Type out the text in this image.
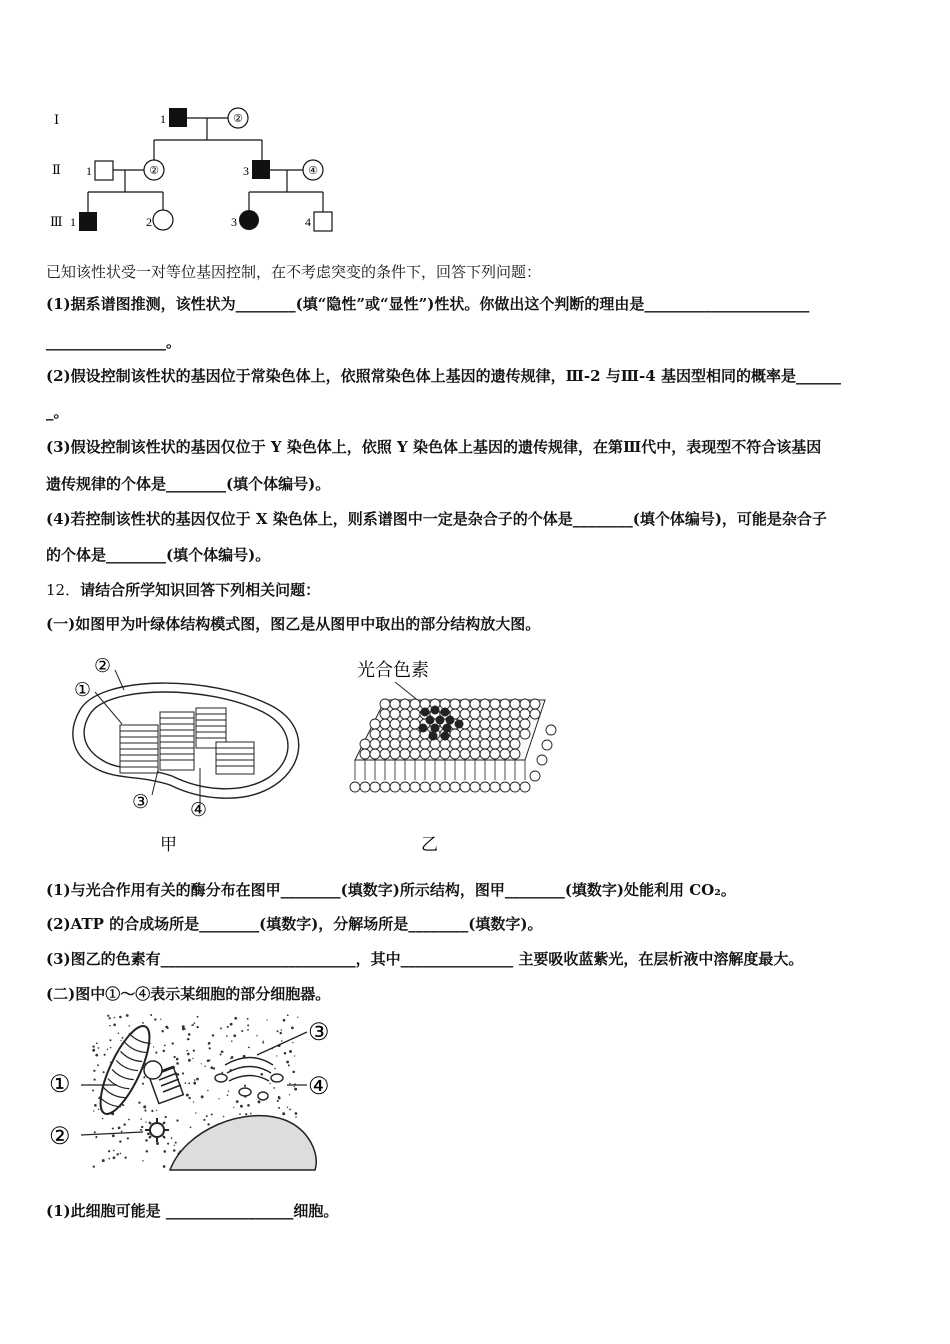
Ⅰ
Ⅱ
Ⅲ
1	②
1	②	3	④
1	2	3	4
已知该性状受一对等位基因控制，在不考虑突变的条件下，回答下列问题：
(1)据系谱图推测，该性状为________(填“隐性”或“显性”)性状。你做出这个判断的理由是______________________
________________。
(2)假设控制该性状的基因位于常染色体上，依照常染色体上基因的遗传规律，Ⅲ-2 与Ⅲ-4 基因型相同的概率是______
_。
(3)假设控制该性状的基因仅位于 Y 染色体上，依照 Y 染色体上基因的遗传规律，在第Ⅲ代中，表现型不符合该基因
遗传规律的个体是________(填个体编号)。
(4)若控制该性状的基因仅位于 X 染色体上，则系谱图中一定是杂合子的个体是________(填个体编号)，可能是杂合子
的个体是________(填个体编号)。
12．请结合所学知识回答下列相关问题：
(一)如图甲为叶绿体结构模式图，图乙是从图甲中取出的部分结构放大图。
②
①
③ ④
甲
光合色素
乙
(1)与光合作用有关的酶分布在图甲________(填数字)所示结构，图甲________(填数字)处能利用 CO₂。
(2)ATP 的合成场所是________(填数字)，分解场所是________(填数字)。
(3)图乙的色素有__________________________，其中_______________ 主要吸收蓝紫光，在层析液中溶解度最大。
(二)图中①～④表示某细胞的部分细胞器。
①
②
③
④
(1)此细胞可能是 _________________细胞。
